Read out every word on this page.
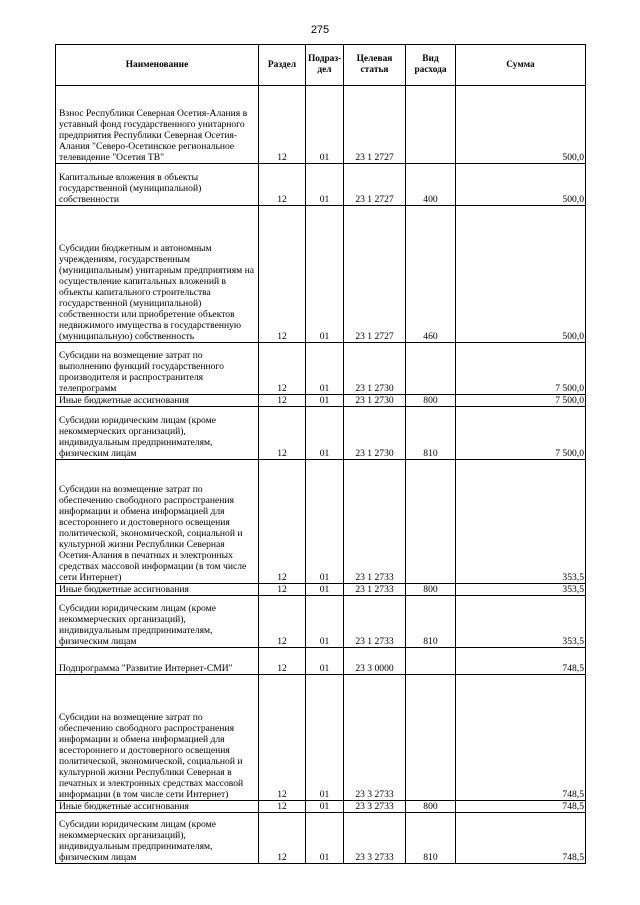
275
Наименование	Раздел	Подраз-дел	Целевая статья	Вид расхода	Сумма
Взнос Республики Северная Осетия-Алания в уставный фонд государственного унитарного предприятия Республики Северная Осетия-Алания "Северо-Осетинское региональное телевидение "Осетия ТВ"	12	01	23 1 2727		500,0
Капитальные вложения в объекты государственной (муниципальной) собственности	12	01	23 1 2727	400	500,0
Субсидии бюджетным и автономным учреждениям, государственным (муниципальным) унитарным предприятиям на осуществление капитальных вложений в объекты капитального строительства государственной (муниципальной) собственности или приобретение объектов недвижимого имущества в государственную (муниципальную) собственность	12	01	23 1 2727	460	500,0
Субсидии на возмещение затрат по выполнению функций государственного производителя и распространителя телепрограмм	12	01	23 1 2730		7 500,0
Иные бюджетные ассигнования	12	01	23 1 2730	800	7 500,0
Субсидии юридическим лицам (кроме некоммерческих организаций), индивидуальным предпринимателям, физическим лицам	12	01	23 1 2730	810	7 500,0
Субсидии на возмещение затрат по обеспечению свободного распространения информации и обмена информацией для всестороннего и достоверного освещения политической, экономической, социальной и культурной жизни Республики Северная Осетия-Алания в печатных и электронных средствах массовой информации (в том числе сети Интернет)	12	01	23 1 2733		353,5
Иные бюджетные ассигнования	12	01	23 1 2733	800	353,5
Субсидии юридическим лицам (кроме некоммерческих организаций), индивидуальным предпринимателям, физическим лицам	12	01	23 1 2733	810	353,5
Подпрограмма "Развитие Интернет-СМИ"	12	01	23 3 0000		748,5
Субсидии на возмещение затрат по обеспечению свободного распространения информации и обмена информацией для всестороннего и достоверного освещения политической, экономической, социальной и культурной жизни Республики Северная в печатных и электронных средствах массовой информации (в том числе сети Интернет)	12	01	23 3 2733		748,5
Иные бюджетные ассигнования	12	01	23 3 2733	800	748,5
Субсидии юридическим лицам (кроме некоммерческих организаций), индивидуальным предпринимателям, физическим лицам	12	01	23 3 2733	810	748,5
